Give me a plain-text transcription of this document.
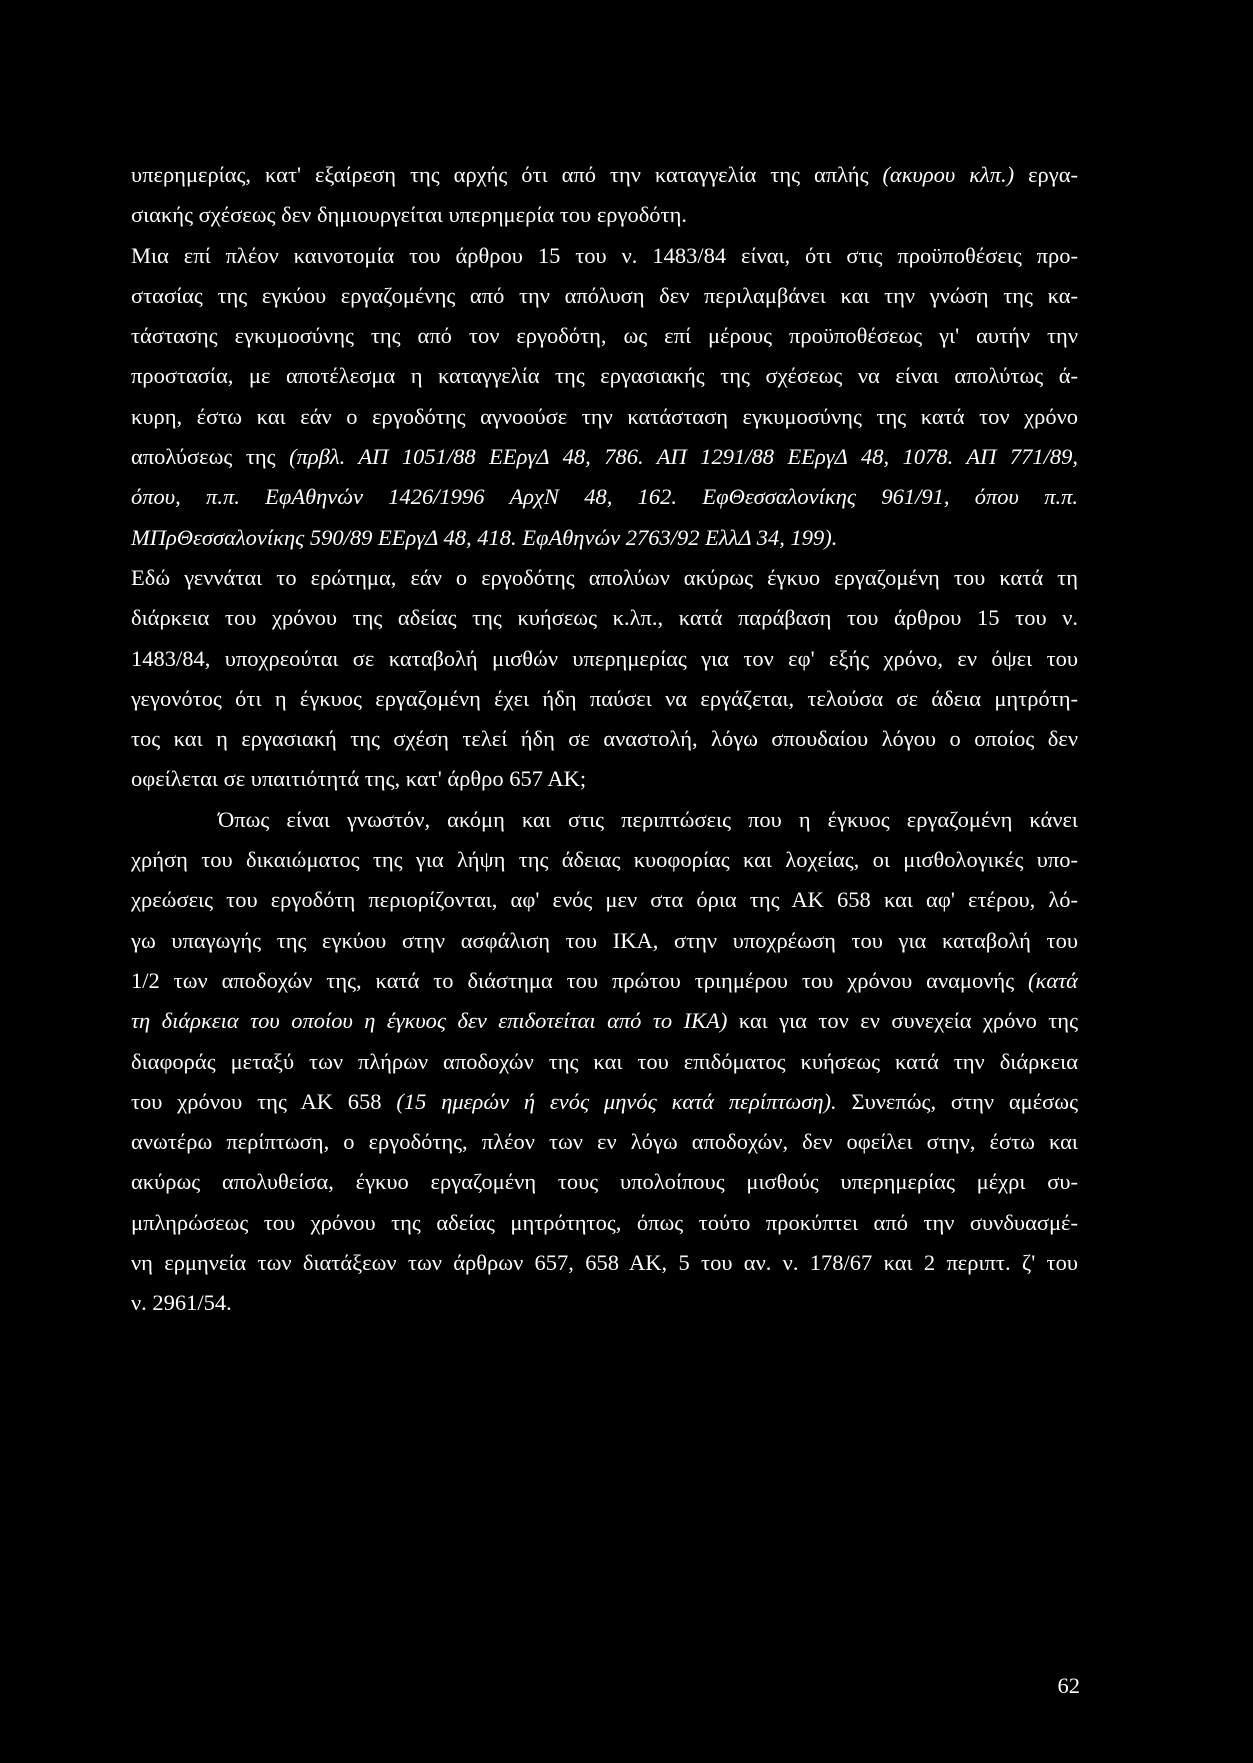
υπερημερίας, κατ' εξαίρεση της αρχής ότι από την καταγγελία της απλής (ακυρου κλπ.) εργα-
σιακής σχέσεως δεν δημιουργείται υπερημερία του εργοδότη.
Μια επί πλέον καινοτομία του άρθρου 15 του ν. 1483/84 είναι, ότι στις προϋποθέσεις προ-
στασίας της εγκύου εργαζομένης από την απόλυση δεν περιλαμβάνει και την γνώση της κα-
τάστασης εγκυμοσύνης της από τον εργοδότη, ως επί μέρους προϋποθέσεως γι' αυτήν την
προστασία, με αποτέλεσμα η καταγγελία της εργασιακής της σχέσεως να είναι απολύτως ά-
κυρη, έστω και εάν ο εργοδότης αγνοούσε την κατάσταση εγκυμοσύνης της κατά τον χρόνο
απολύσεως της (πρβλ. ΑΠ 1051/88 ΕΕργΔ 48, 786. ΑΠ 1291/88 ΕΕργΔ 48, 1078. ΑΠ 771/89,
όπου, π.π. ΕφΑθηνών 1426/1996 ΑρχΝ 48, 162. ΕφΘεσσαλονίκης 961/91, όπου π.π.
ΜΠρΘεσσαλονίκης 590/89 ΕΕργΔ 48, 418. ΕφΑθηνών 2763/92 ΕλλΔ 34, 199).
Εδώ γεννάται το ερώτημα, εάν ο εργοδότης απολύων ακύρως έγκυο εργαζομένη του κατά τη
διάρκεια του χρόνου της αδείας της κυήσεως κ.λπ., κατά παράβαση του άρθρου 15 του ν.
1483/84, υποχρεούται σε καταβολή μισθών υπερημερίας για τον εφ' εξής χρόνο, εν όψει του
γεγονότος ότι η έγκυος εργαζομένη έχει ήδη παύσει να εργάζεται, τελούσα σε άδεια μητρότη-
τος και η εργασιακή της σχέση τελεί ήδη σε αναστολή, λόγω σπουδαίου λόγου ο οποίος δεν
οφείλεται σε υπαιτιότητά της, κατ' άρθρο 657 ΑΚ;
Όπως είναι γνωστόν, ακόμη και στις περιπτώσεις που η έγκυος εργαζομένη κάνει
χρήση του δικαιώματος της για λήψη της άδειας κυοφορίας και λοχείας, οι μισθολογικές υπο-
χρεώσεις του εργοδότη περιορίζονται, αφ' ενός μεν στα όρια της ΑΚ 658 και αφ' ετέρου, λό-
γω υπαγωγής της εγκύου στην ασφάλιση του ΙΚΑ, στην υποχρέωση του για καταβολή του
1/2 των αποδοχών της, κατά το διάστημα του πρώτου τριημέρου του χρόνου αναμονής (κατά
τη διάρκεια του οποίου η έγκυος δεν επιδοτείται από το ΙΚΑ) και για τον εν συνεχεία χρόνο της
διαφοράς μεταξύ των πλήρων αποδοχών της και του επιδόματος κυήσεως κατά την διάρκεια
του χρόνου της ΑΚ 658 (15 ημερών ή ενός μηνός κατά περίπτωση). Συνεπώς, στην αμέσως
ανωτέρω περίπτωση, ο εργοδότης, πλέον των εν λόγω αποδοχών, δεν οφείλει στην, έστω και
ακύρως απολυθείσα, έγκυο εργαζομένη τους υπολοίπους μισθούς υπερημερίας μέχρι συ-
μπληρώσεως του χρόνου της αδείας μητρότητος, όπως τούτο προκύπτει από την συνδυασμέ-
νη ερμηνεία των διατάξεων των άρθρων 657, 658 ΑΚ, 5 του αν. ν. 178/67 και 2 περιπτ. ζ' του
ν. 2961/54.
62
